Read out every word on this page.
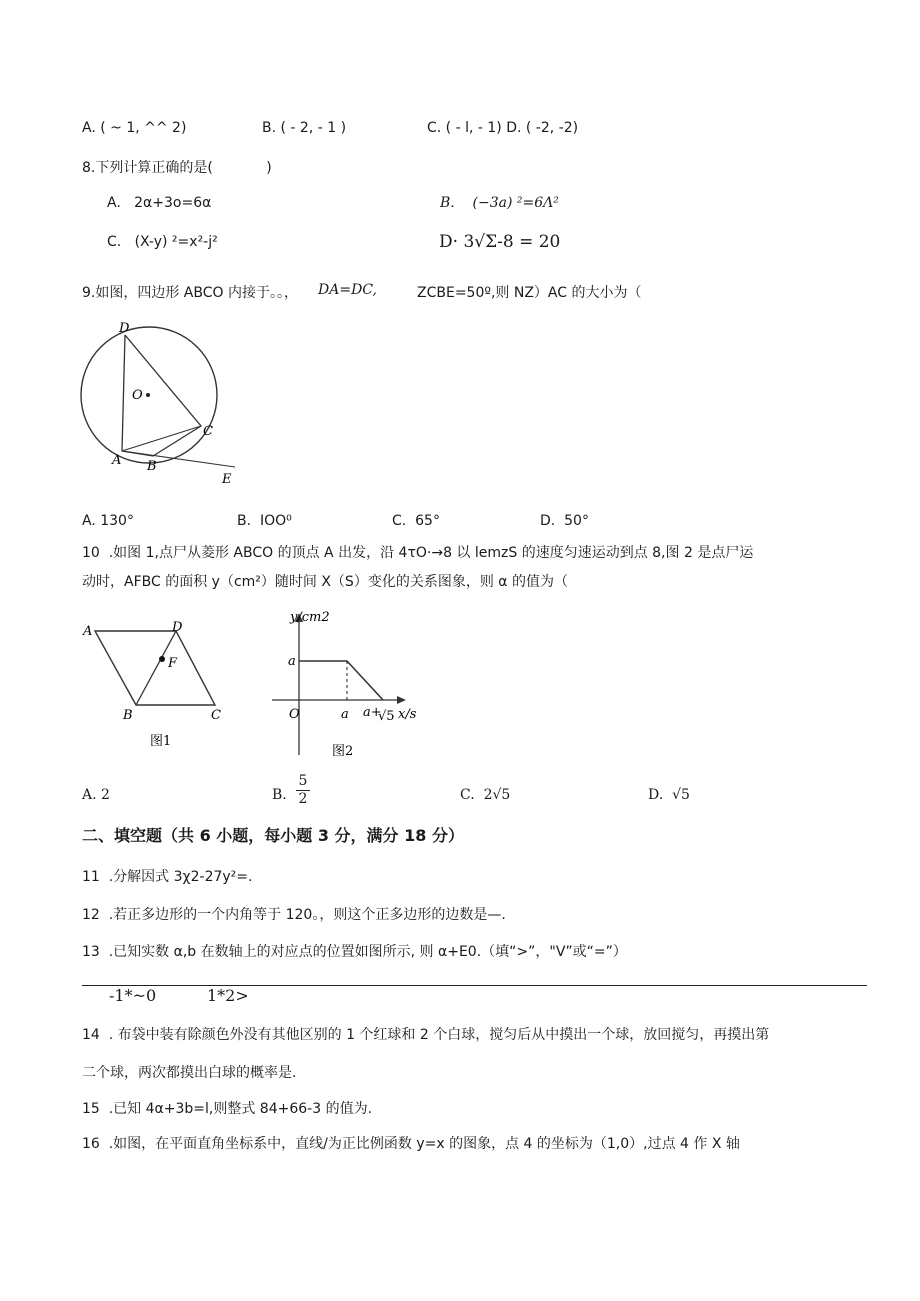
A. ( ~ 1, ^^ 2)	B. ( - 2, - 1 )	C. ( - l, - 1) D. ( -2, -2)
8.下列计算正确的是(            )
A.   2α+3o=6α	B.    (−3a) ²=6Λ²
C.   (X-y) ²=x²-j²	D· 3√Σ-8 = 20
9.如图，四边形 ABCO 内接于。。， DA=DC,	ZCBE=50º,则 NZ）AC 的大小为（
D
O
C
A B
E
A. 130°	B.  IOO⁰	C.  65°	D.  50°
10  .如图 1,点尸从菱形 ABCO 的顶点 A 出发，沿 4τO·→8 以 lemzS 的速度匀速运动到点 8,图 2 是点尸运
动时，AFBC 的面积 y（cm²）随时间 X（S）变化的关系图象，则 α 的值为（
A	D
F
B	C
图1
y/cm2
a
O	a a+
√5 x/s
图2
A. 2	B. $\frac{5}{2}$	C.  2√5	D.  √5
二、填空题（共 6 小题，每小题 3 分，满分 18 分）
11  .分解因式 3χ2-27y²=.
12  .若正多边形的一个内角等于 120。，则这个正多边形的边数是—.
13  .已知实数 α,b 在数轴上的对应点的位置如图所示, 则 α+E0.（填“>”，"V”或“=”）
-1*~0	1*2>
14  . 布袋中装有除颜色外没有其他区别的 1 个红球和 2 个白球，搅匀后从中摸出一个球，放回搅匀，再摸出第
二个球，两次都摸出白球的概率是.
15  .已知 4α+3b=l,则整式 84+66-3 的值为.
16  .如图，在平面直角坐标系中，直线/为正比例函数 y=x 的图象，点 4 的坐标为（1,0）,过点 4 作 X 轴
